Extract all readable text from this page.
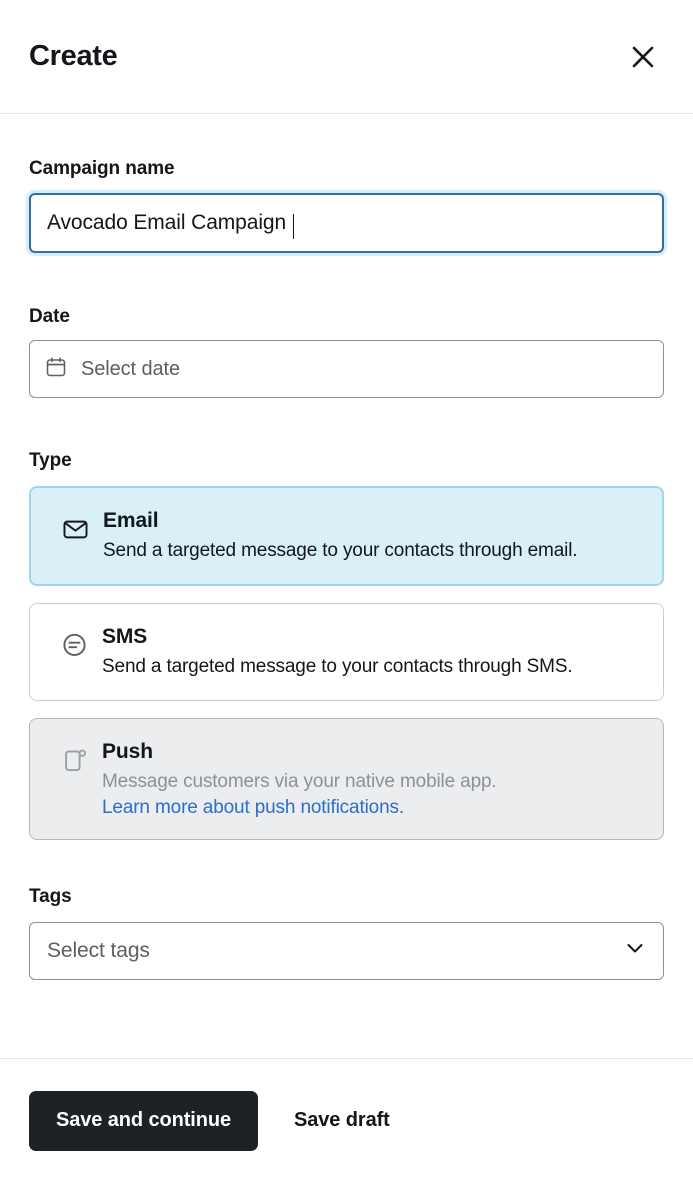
Create
Campaign name
Avocado Email Campaign
Date
Select date
Type
Email
Send a targeted message to your contacts through email.
SMS
Send a targeted message to your contacts through SMS.
Push
Message customers via your native mobile app.
Learn more about push notifications.
Tags
Select tags
Save and continue	Save draft
